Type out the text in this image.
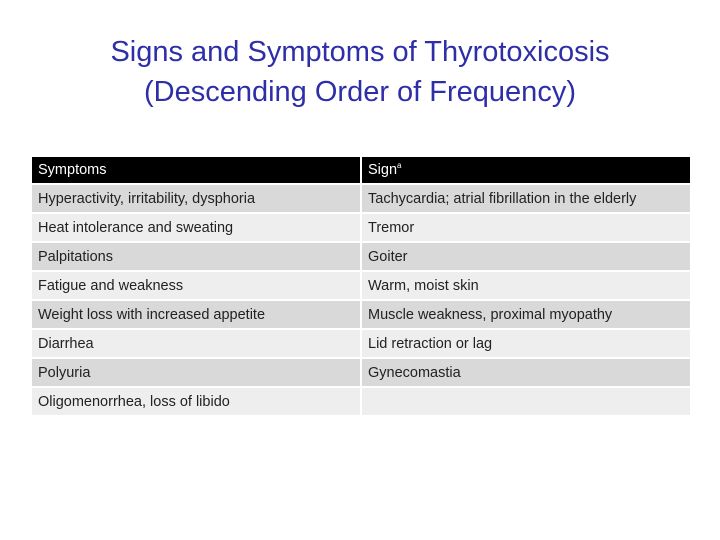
Signs and Symptoms of Thyrotoxicosis
(Descending Order of Frequency)
Symptoms	Sign$^a$
Hyperactivity, irritability, dysphoria	Tachycardia; atrial fibrillation in the elderly
Heat intolerance and sweating	Tremor
Palpitations	Goiter
Fatigue and weakness	Warm, moist skin
Weight loss with increased appetite	Muscle weakness, proximal myopathy
Diarrhea	Lid retraction or lag
Polyuria	Gynecomastia
Oligomenorrhea, loss of libido	
